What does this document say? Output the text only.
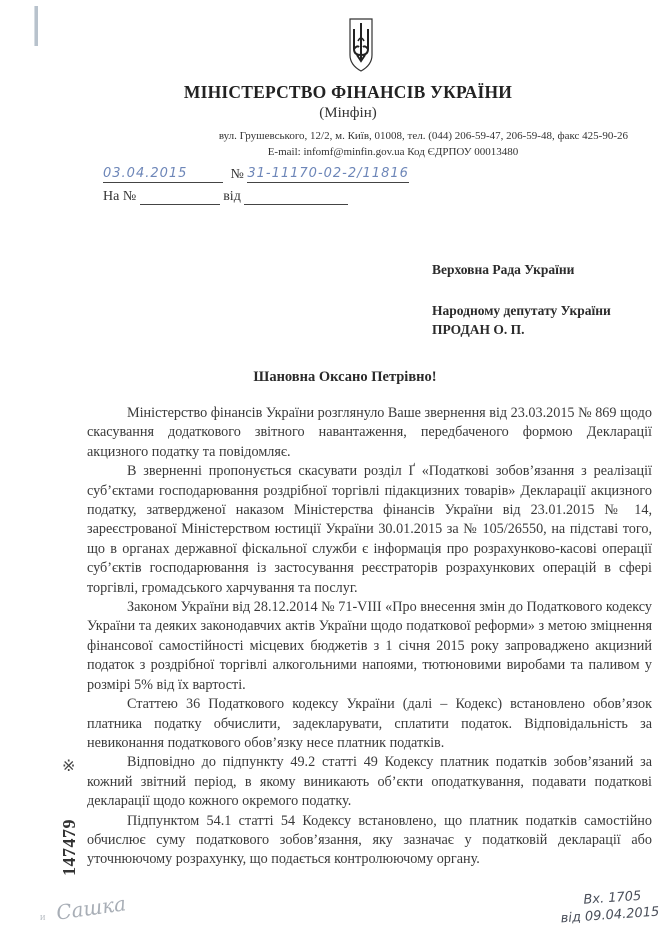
МІНІСТЕРСТВО ФІНАНСІВ УКРАЇНИ
(Мінфін)
вул. Грушевського, 12/2, м. Київ, 01008, тел. (044) 206-59-47, 206-59-48, факс 425-90-26
E-mail: infomf@minfin.gov.ua Код ЄДРПОУ 00013480
03.04.2015	№ 31-11170-02-2/11816
На №	від
Верховна Рада України
Народному депутату України
ПРОДАН О. П.
Шановна Оксано Петрівно!

Міністерство фінансів України розглянуло Ваше звернення від 23.03.2015 № 869 щодо скасування додаткового звітного навантаження, передбаченого формою Декларації акцизного податку та повідомляє.

В зверненні пропонується скасувати розділ Ґ «Податкові зобов’язання з реалізації суб’єктами господарювання роздрібної торгівлі підакцизних товарів» Декларації акцизного податку, затвердженої наказом Міністерства фінансів України від 23.01.2015 № 14, зареєстрованої Міністерством юстиції України 30.01.2015 за № 105/26550, на підставі того, що в органах державної фіскальної служби є інформація про розрахунково-касові операції суб’єктів господарювання із застосування реєстраторів розрахункових операцій в сфері торгівлі, громадського харчування та послуг.

Законом України від 28.12.2014 № 71-VIII «Про внесення змін до Податкового кодексу України та деяких законодавчих актів України щодо податкової реформи» з метою зміцнення фінансової самостійності місцевих бюджетів з 1 січня 2015 року запроваджено акцизний податок з роздрібної торгівлі алкогольними напоями, тютюновими виробами та паливом у розмірі 5% від їх вартості.

Статтею 36 Податкового кодексу України (далі – Кодекс) встановлено обов’язок платника податку обчислити, задекларувати, сплатити податок. Відповідальність за невиконання податкового обов’язку несе платник податків.

Відповідно до підпункту 49.2 статті 49 Кодексу платник податків зобов’язаний за кожний звітний період, в якому виникають об’єкти оподаткування, подавати податкові декларації щодо кожного окремого податку.

Підпунктом 54.1 статті 54 Кодексу встановлено, що платник податків самостійно обчислює суму податкового зобов’язання, яку зазначає у податковій декларації або уточнюючому розрахунку, що подається контролюючому органу.

※
147479
и Сашка	Вх. 1705
від 09.04.2015
